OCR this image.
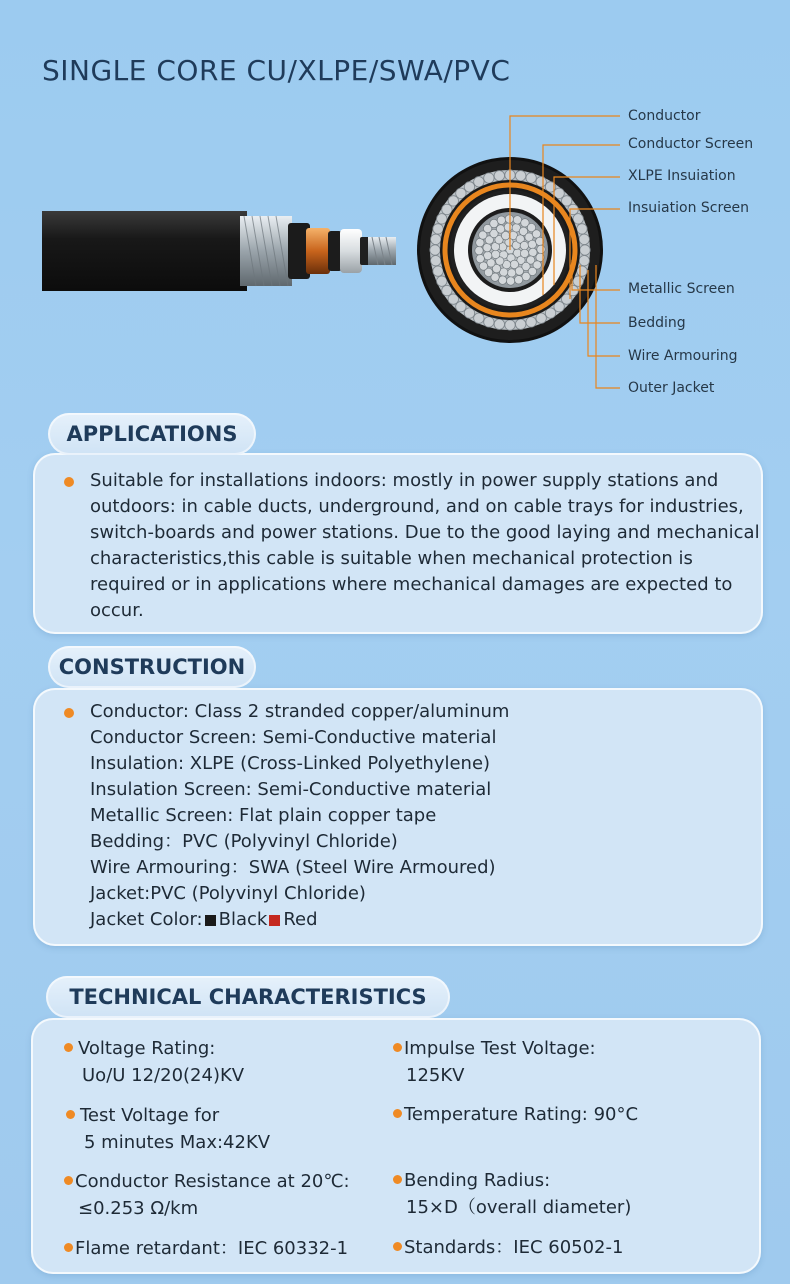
SINGLE CORE CU/XLPE/SWA/PVC
Conductor
Conductor Screen
XLPE Insuiation
Insuiation Screen
Metallic Screen
Bedding
Wire Armouring
Outer Jacket
APPLICATIONS
Suitable for installations indoors: mostly in power supply stations and
outdoors: in cable ducts, underground, and on cable trays for industries,
switch-boards and power stations. Due to the good laying and mechanical
characteristics,this cable is suitable when mechanical protection is
required or in applications where mechanical damages are expected to
occur.
CONSTRUCTION
Conductor: Class 2 stranded copper/aluminum
Conductor Screen: Semi-Conductive material
Insulation: XLPE (Cross-Linked Polyethylene)
Insulation Screen: Semi-Conductive material
Metallic Screen: Flat plain copper tape
Bedding：PVC (Polyvinyl Chloride)
Wire Armouring：SWA (Steel Wire Armoured)
Jacket:PVC (Polyvinyl Chloride)
Jacket Color: Black Red
TECHNICAL CHARACTERISTICS
Voltage Rating:
Uo/U 12/20(24)KV
Test Voltage for
5 minutes Max:42KV
Conductor Resistance at 20℃:
≤0.253 Ω/km
Flame retardant：IEC 60332-1
Impulse Test Voltage:
125KV
Temperature Rating: 90°C
Bending Radius:
15×D（overall diameter)
Standards：IEC 60502-1
